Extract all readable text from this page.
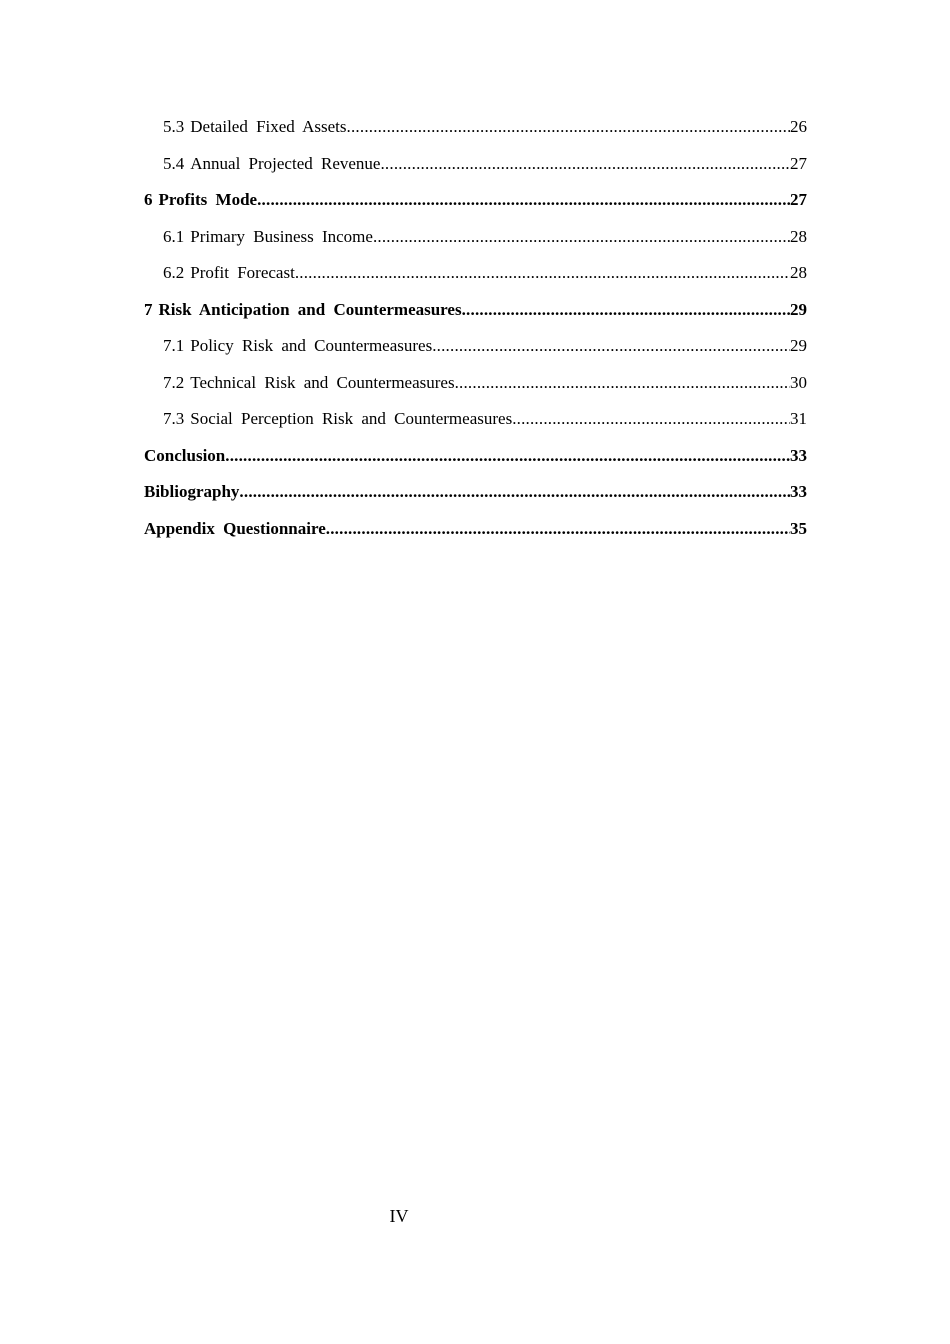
5.3 Detailed Fixed Assets .....	26
5.4 Annual Projected Revenue .....	27
6 Profits Mode .....	27
6.1 Primary Business Income .....	28
6.2 Profit Forecast .....	28
7 Risk Anticipation and Countermeasures .....	29
7.1 Policy Risk and Countermeasures .....	29
7.2 Technical Risk and Countermeasures .....	30
7.3 Social Perception Risk and Countermeasures .....	31
Conclusion .....	33
Bibliography .....	33
Appendix Questionnaire .....	35
IV
